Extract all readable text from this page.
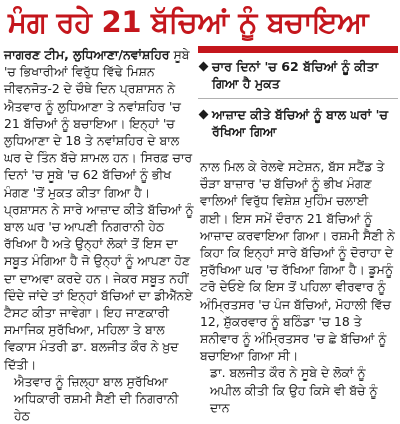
ਮੰਗ ਰਹੇ 21 ਬੱਚਿਆਂ ਨੂੰ ਬਚਾਇਆ

ਜਾਗਰਣ ਟੀਮ, ਲੁਧਿਆਣਾ/ਨਵਾਂਸ਼ਹਿਰ ਸੂਬੇ 'ਚ ਭਿਖਾਰੀਆਂ ਵਿਰੁੱਧ ਵਿੱਢੇ ਮਿਸ਼ਨ ਜੀਵਨਜੋਤ-2 ਦੇ ਚੌਥੇ ਦਿਨ ਪ੍ਰਸ਼ਾਸਨ ਨੇ ਐਤਵਾਰ ਨੂੰ ਲੁਧਿਆਣਾ ਤੇ ਨਵਾਂਸ਼ਹਿਰ 'ਚ 21 ਬੱਚਿਆਂ ਨੂੰ ਬਚਾਇਆ। ਇਨ੍ਹਾਂ 'ਚ ਲੁਧਿਆਣਾ ਦੇ 18 ਤੇ ਨਵਾਂਸ਼ਹਿਰ ਦੇ ਬਾਲ ਘਰ ਦੇ ਤਿੰਨ ਬੱਚੇ ਸ਼ਾਮਲ ਹਨ। ਸਿਰਫ਼ ਚਾਰ ਦਿਨਾਂ 'ਚ ਸੂਬੇ 'ਚ 62 ਬੱਚਿਆਂ ਨੂੰ ਭੀਖ ਮੰਗਣ 'ਤੋਂ ਮੁਕਤ ਕੀਤਾ ਗਿਆ ਹੈ। ਪ੍ਰਸ਼ਾਸਨ ਨੇ ਸਾਰੇ ਆਜ਼ਾਦ ਕੀਤੇ ਬੱਚਿਆਂ ਨੂੰ ਬਾਲ ਘਰ 'ਚ ਆਪਣੀ ਨਿਗਰਾਨੀ ਹੇਠ ਰੱਖਿਆ ਹੈ ਅਤੇ ਉਨ੍ਹਾਂ ਲੋਕਾਂ ਤੋਂ ਇਸ ਦਾ ਸਬੂਤ ਮੰਗਿਆ ਹੈ ਜੋ ਉਨ੍ਹਾਂ ਨੂੰ ਆਪਣਾ ਹੋਣ ਦਾ ਦਾਅਵਾ ਕਰਦੇ ਹਨ। ਜੇਕਰ ਸਬੂਤ ਨਹੀਂ ਦਿੰਦੇ ਜਾਂਦੇ ਤਾਂ ਇਨ੍ਹਾਂ ਬੱਚਿਆਂ ਦਾ ਡੀਐੱਨਏ ਟੈਸਟ ਕੀਤਾ ਜਾਵੇਗਾ। ਇਹ ਜਾਣਕਾਰੀ ਸਮਾਜਿਕ ਸੁਰੱਖਿਆ, ਮਹਿਲਾ ਤੇ ਬਾਲ ਵਿਕਾਸ ਮੰਤਰੀ ਡਾ. ਬਲਜੀਤ ਕੌਰ ਨੇ ਖ਼ੁਦ ਦਿੱਤੀ।

ਐਤਵਾਰ ਨੂੰ ਜ਼ਿਲ੍ਹਾ ਬਾਲ ਸੁਰੱਖਿਆ ਅਧਿਕਾਰੀ ਰਸ਼ਮੀ ਸੈਣੀ ਦੀ ਨਿਗਰਾਨੀ ਹੇਠ

ਚਾਰ ਦਿਨਾਂ 'ਚ 62 ਬੱਚਿਆਂ ਨੂੰ ਕੀਤਾ ਗਿਆ ਹੈ ਮੁਕਤ
ਆਜ਼ਾਦ ਕੀਤੇ ਬੱਚਿਆਂ ਨੂੰ ਬਾਲ ਘਰਾਂ 'ਚ ਰੱਖਿਆ ਗਿਆ

ਨਾਲ ਮਿਲ ਕੇ ਰੇਲਵੇ ਸਟੇਸ਼ਨ, ਬੱਸ ਸਟੈਂਡ ਤੇ ਚੌੜਾ ਬਾਜ਼ਾਰ 'ਚ ਬੱਚਿਆਂ ਨੂੰ ਭੀਖ ਮੰਗਣ ਵਾਲਿਆਂ ਵਿਰੁੱਧ ਵਿਸ਼ੇਸ਼ ਮੁਹਿੰਮ ਚਲਾਈ ਗਈ। ਇਸ ਸਮੇਂ ਦੌਰਾਨ 21 ਬੱਚਿਆਂ ਨੂੰ ਆਜ਼ਾਦ ਕਰਵਾਇਆ ਗਿਆ। ਰਸ਼ਮੀ ਸੈਣੀ ਨੇ ਕਿਹਾ ਕਿ ਇਨ੍ਹਾਂ ਸਾਰੇ ਬੱਚਿਆਂ ਨੂੰ ਦੋਰਾਹਾ ਦੇ ਸੁਰੱਖਿਆ ਘਰ 'ਚ ਰੱਖਿਆ ਗਿਆ ਹੈ। ਡੂਮਨੂੰ ਟਰੋ ਦੇਓਏ ਕਿ ਇਸ ਤੋਂ ਪਹਿਲਾ ਵੀਰਵਾਰ ਨੂੰ ਅੰਮ੍ਰਿਤਸਰ 'ਚ ਪੰਜ ਬੱਚਿਆਂ, ਮੋਹਾਲੀ ਵਿੱਚ 12, ਸ਼ੁੱਕਰਵਾਰ ਨੂੰ ਬਠਿੰਡਾ 'ਚ 18 ਤੇ ਸ਼ਨੀਵਾਰ ਨੂੰ ਅੰਮ੍ਰਿਤਸਰ 'ਚ ਛੇ ਬੱਚਿਆਂ ਨੂੰ ਬਚਾਇਆ ਗਿਆ ਸੀ।

ਡਾ. ਬਲਜੀਤ ਕੌਰ ਨੇ ਸੂਬੇ ਦੇ ਲੋਕਾਂ ਨੂੰ ਅਪੀਲ ਕੀਤੀ ਕਿ ਉਹ ਕਿਸੇ ਵੀ ਬੱਚੇ ਨੂੰ ਦਾਨ
